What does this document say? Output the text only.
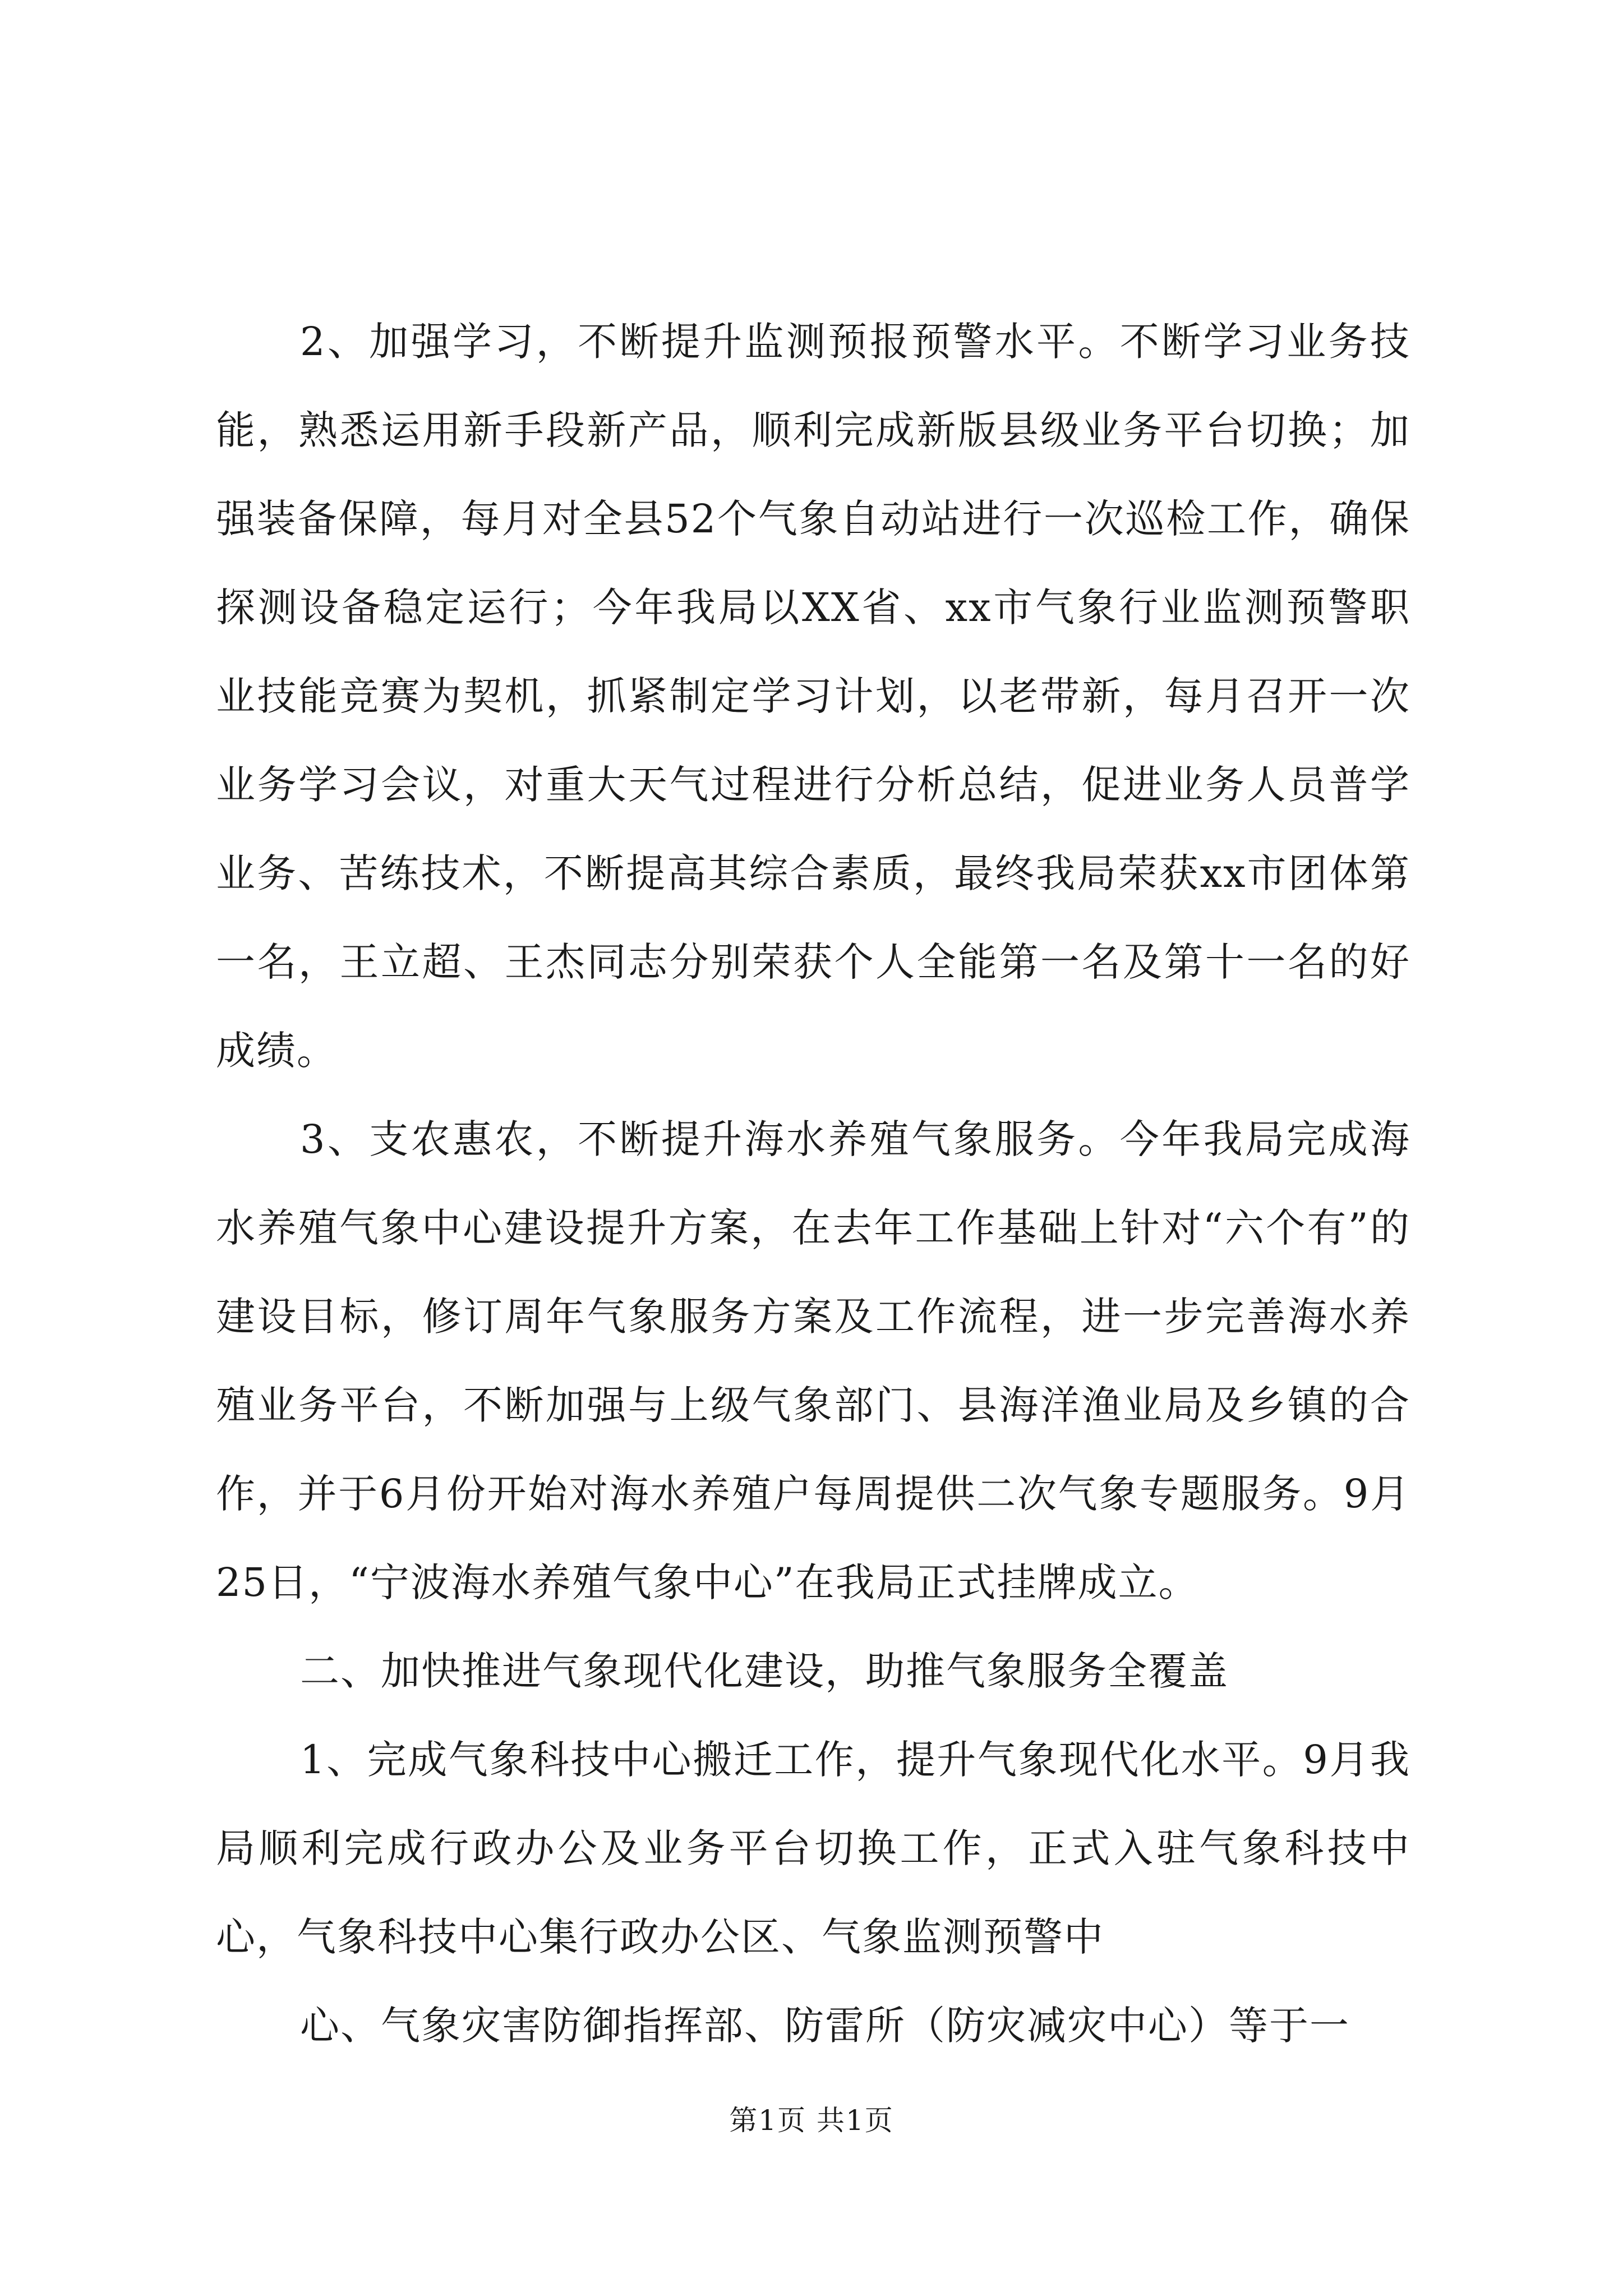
2、加强学习，不断提升监测预报预警水平。不断学习业务技能，熟悉运用新手段新产品，顺利完成新版县级业务平台切换；加强装备保障，每月对全县52个气象自动站进行一次巡检工作，确保探测设备稳定运行；今年我局以XX省、xx市气象行业监测预警职业技能竞赛为契机，抓紧制定学习计划，以老带新，每月召开一次业务学习会议，对重大天气过程进行分析总结，促进业务人员普学业务、苦练技术，不断提高其综合素质，最终我局荣获xx市团体第一名，王立超、王杰同志分别荣获个人全能第一名及第十一名的好成绩。

3、支农惠农，不断提升海水养殖气象服务。今年我局完成海水养殖气象中心建设提升方案，在去年工作基础上针对“六个有”的建设目标，修订周年气象服务方案及工作流程，进一步完善海水养殖业务平台，不断加强与上级气象部门、县海洋渔业局及乡镇的合作，并于6月份开始对海水养殖户每周提供二次气象专题服务。9月25日，“宁波海水养殖气象中心”在我局正式挂牌成立。

二、加快推进气象现代化建设，助推气象服务全覆盖

1、完成气象科技中心搬迁工作，提升气象现代化水平。9月我局顺利完成行政办公及业务平台切换工作，正式入驻气象科技中心，气象科技中心集行政办公区、气象监测预警中

心、气象灾害防御指挥部、防雷所（防灾减灾中心）等于一

第1页 共1页
